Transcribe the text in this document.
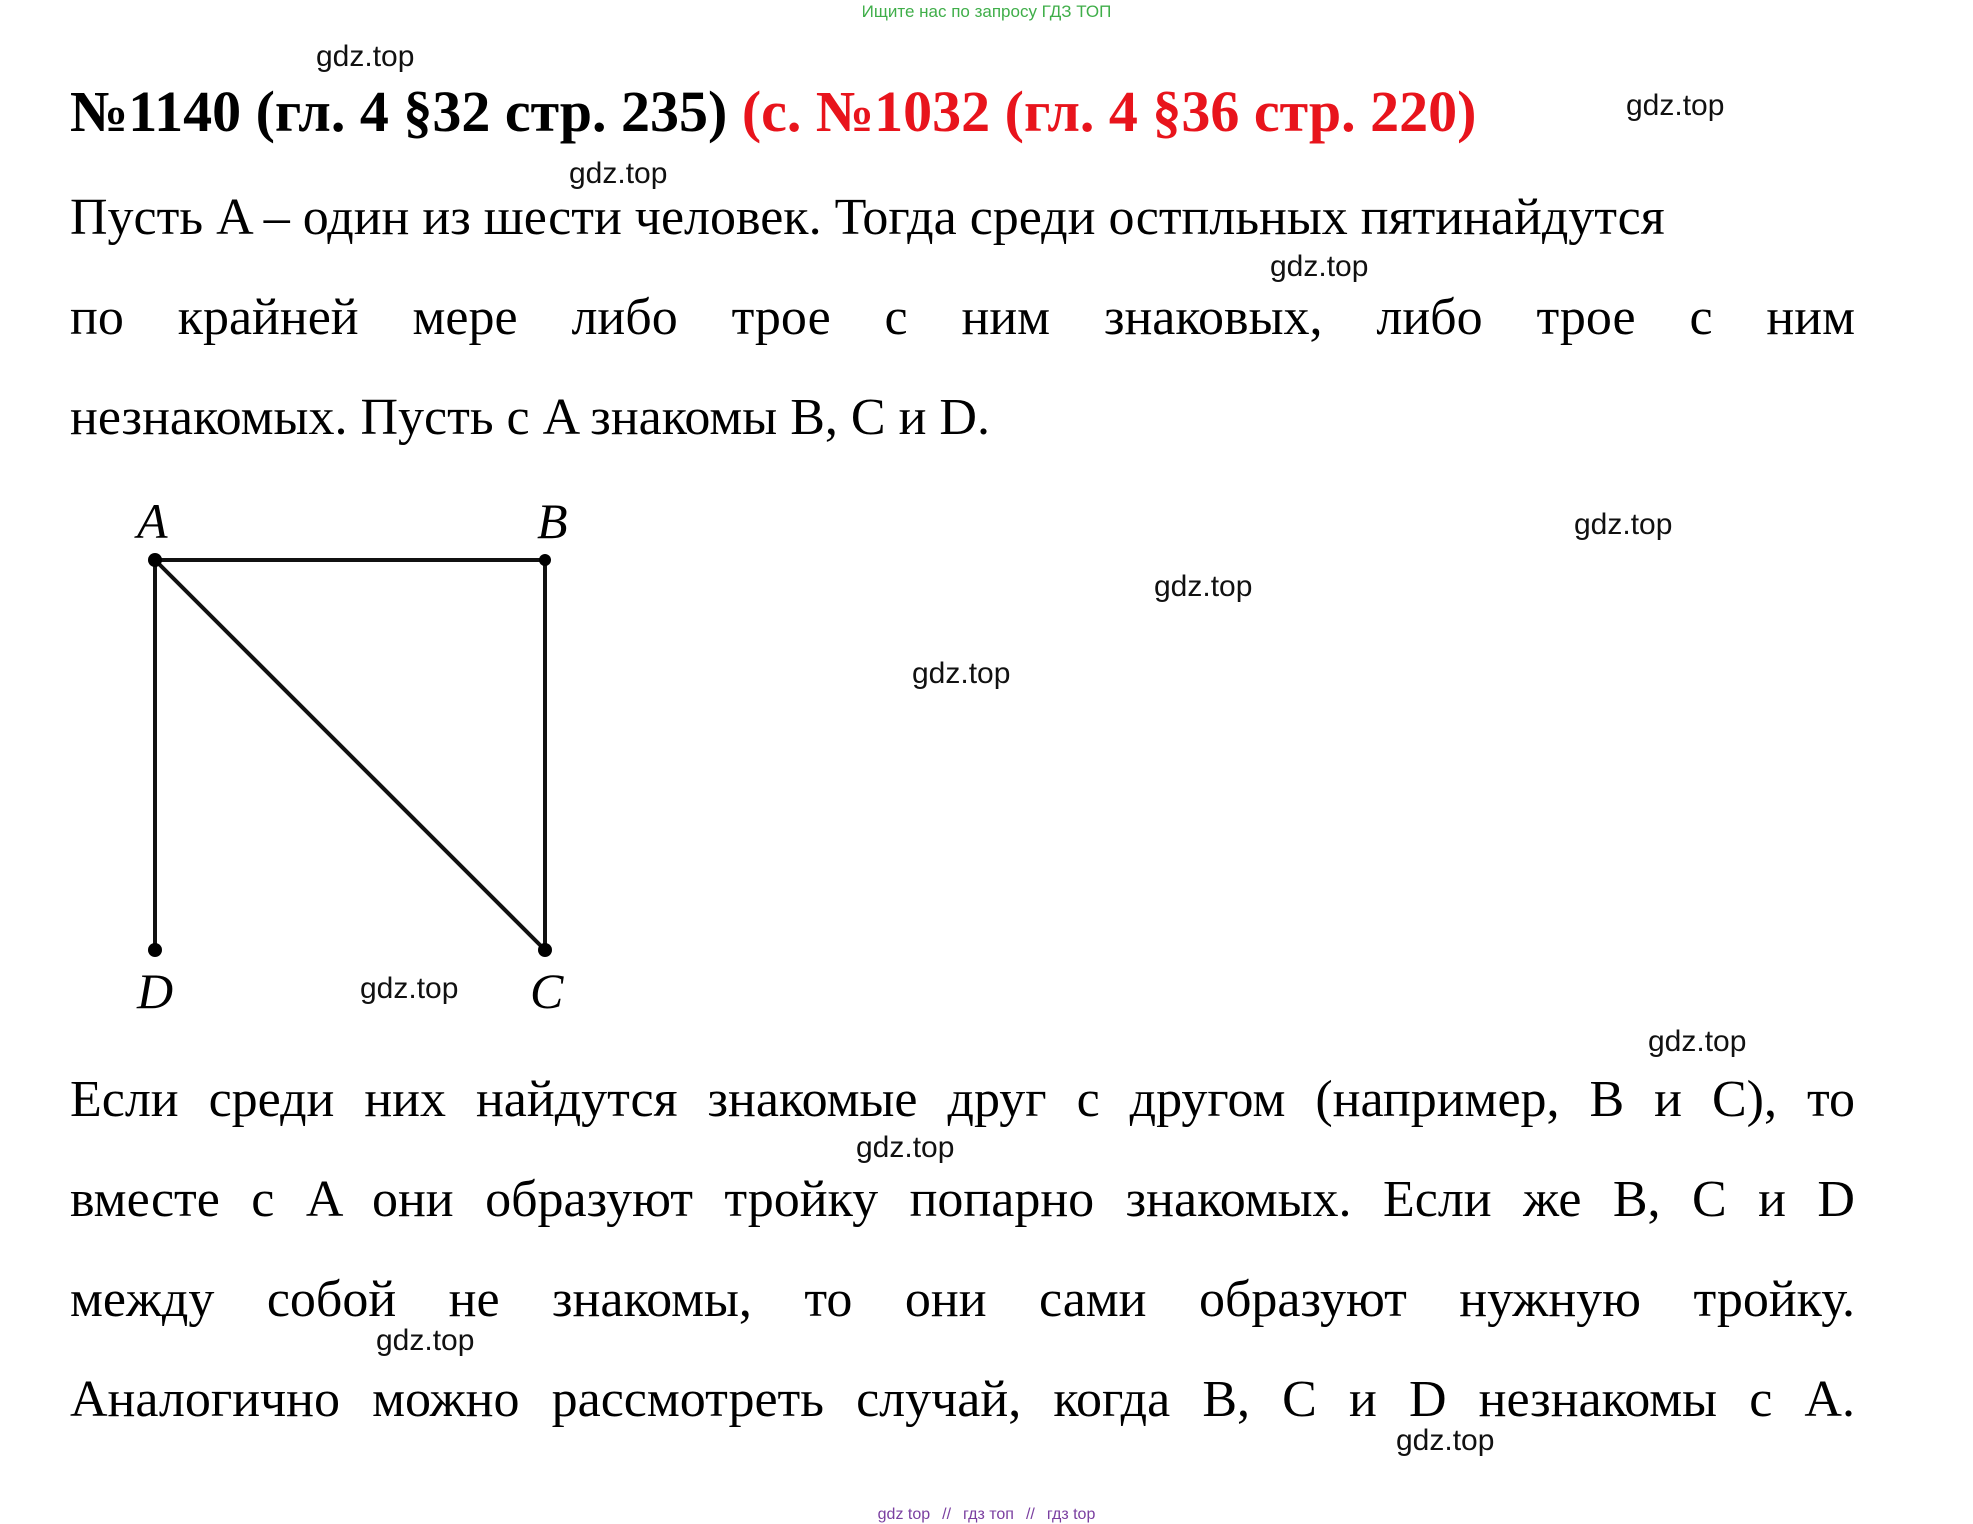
Ищите нас по запросу ГДЗ ТОП
№1140 (гл. 4 §32 стр. 235) (с. №1032 (гл. 4 §36 стр. 220)
Пусть A – один из шести человек. Тогда среди остпльных пятинайдутся
по крайней мере либо трое с ним знаковых, либо трое с ним
незнакомых. Пусть с A знакомы B, C и D.
A	B
C
D
Если среди них найдутся знакомые друг с другом (например, B и C), то
вместе с A они образуют тройку попарно знакомых. Если же B, C и D
между собой не знакомы, то они сами образуют нужную тройку.
Аналогично можно рассмотреть случай, когда B, C и D незнакомы с A.
gdz.top
gdz.top
gdz.top
gdz.top
gdz.top
gdz.top
gdz.top
gdz.top
gdz.top
gdz.top
gdz.top
gdz.top
gdz top // гдз топ // гдз top
